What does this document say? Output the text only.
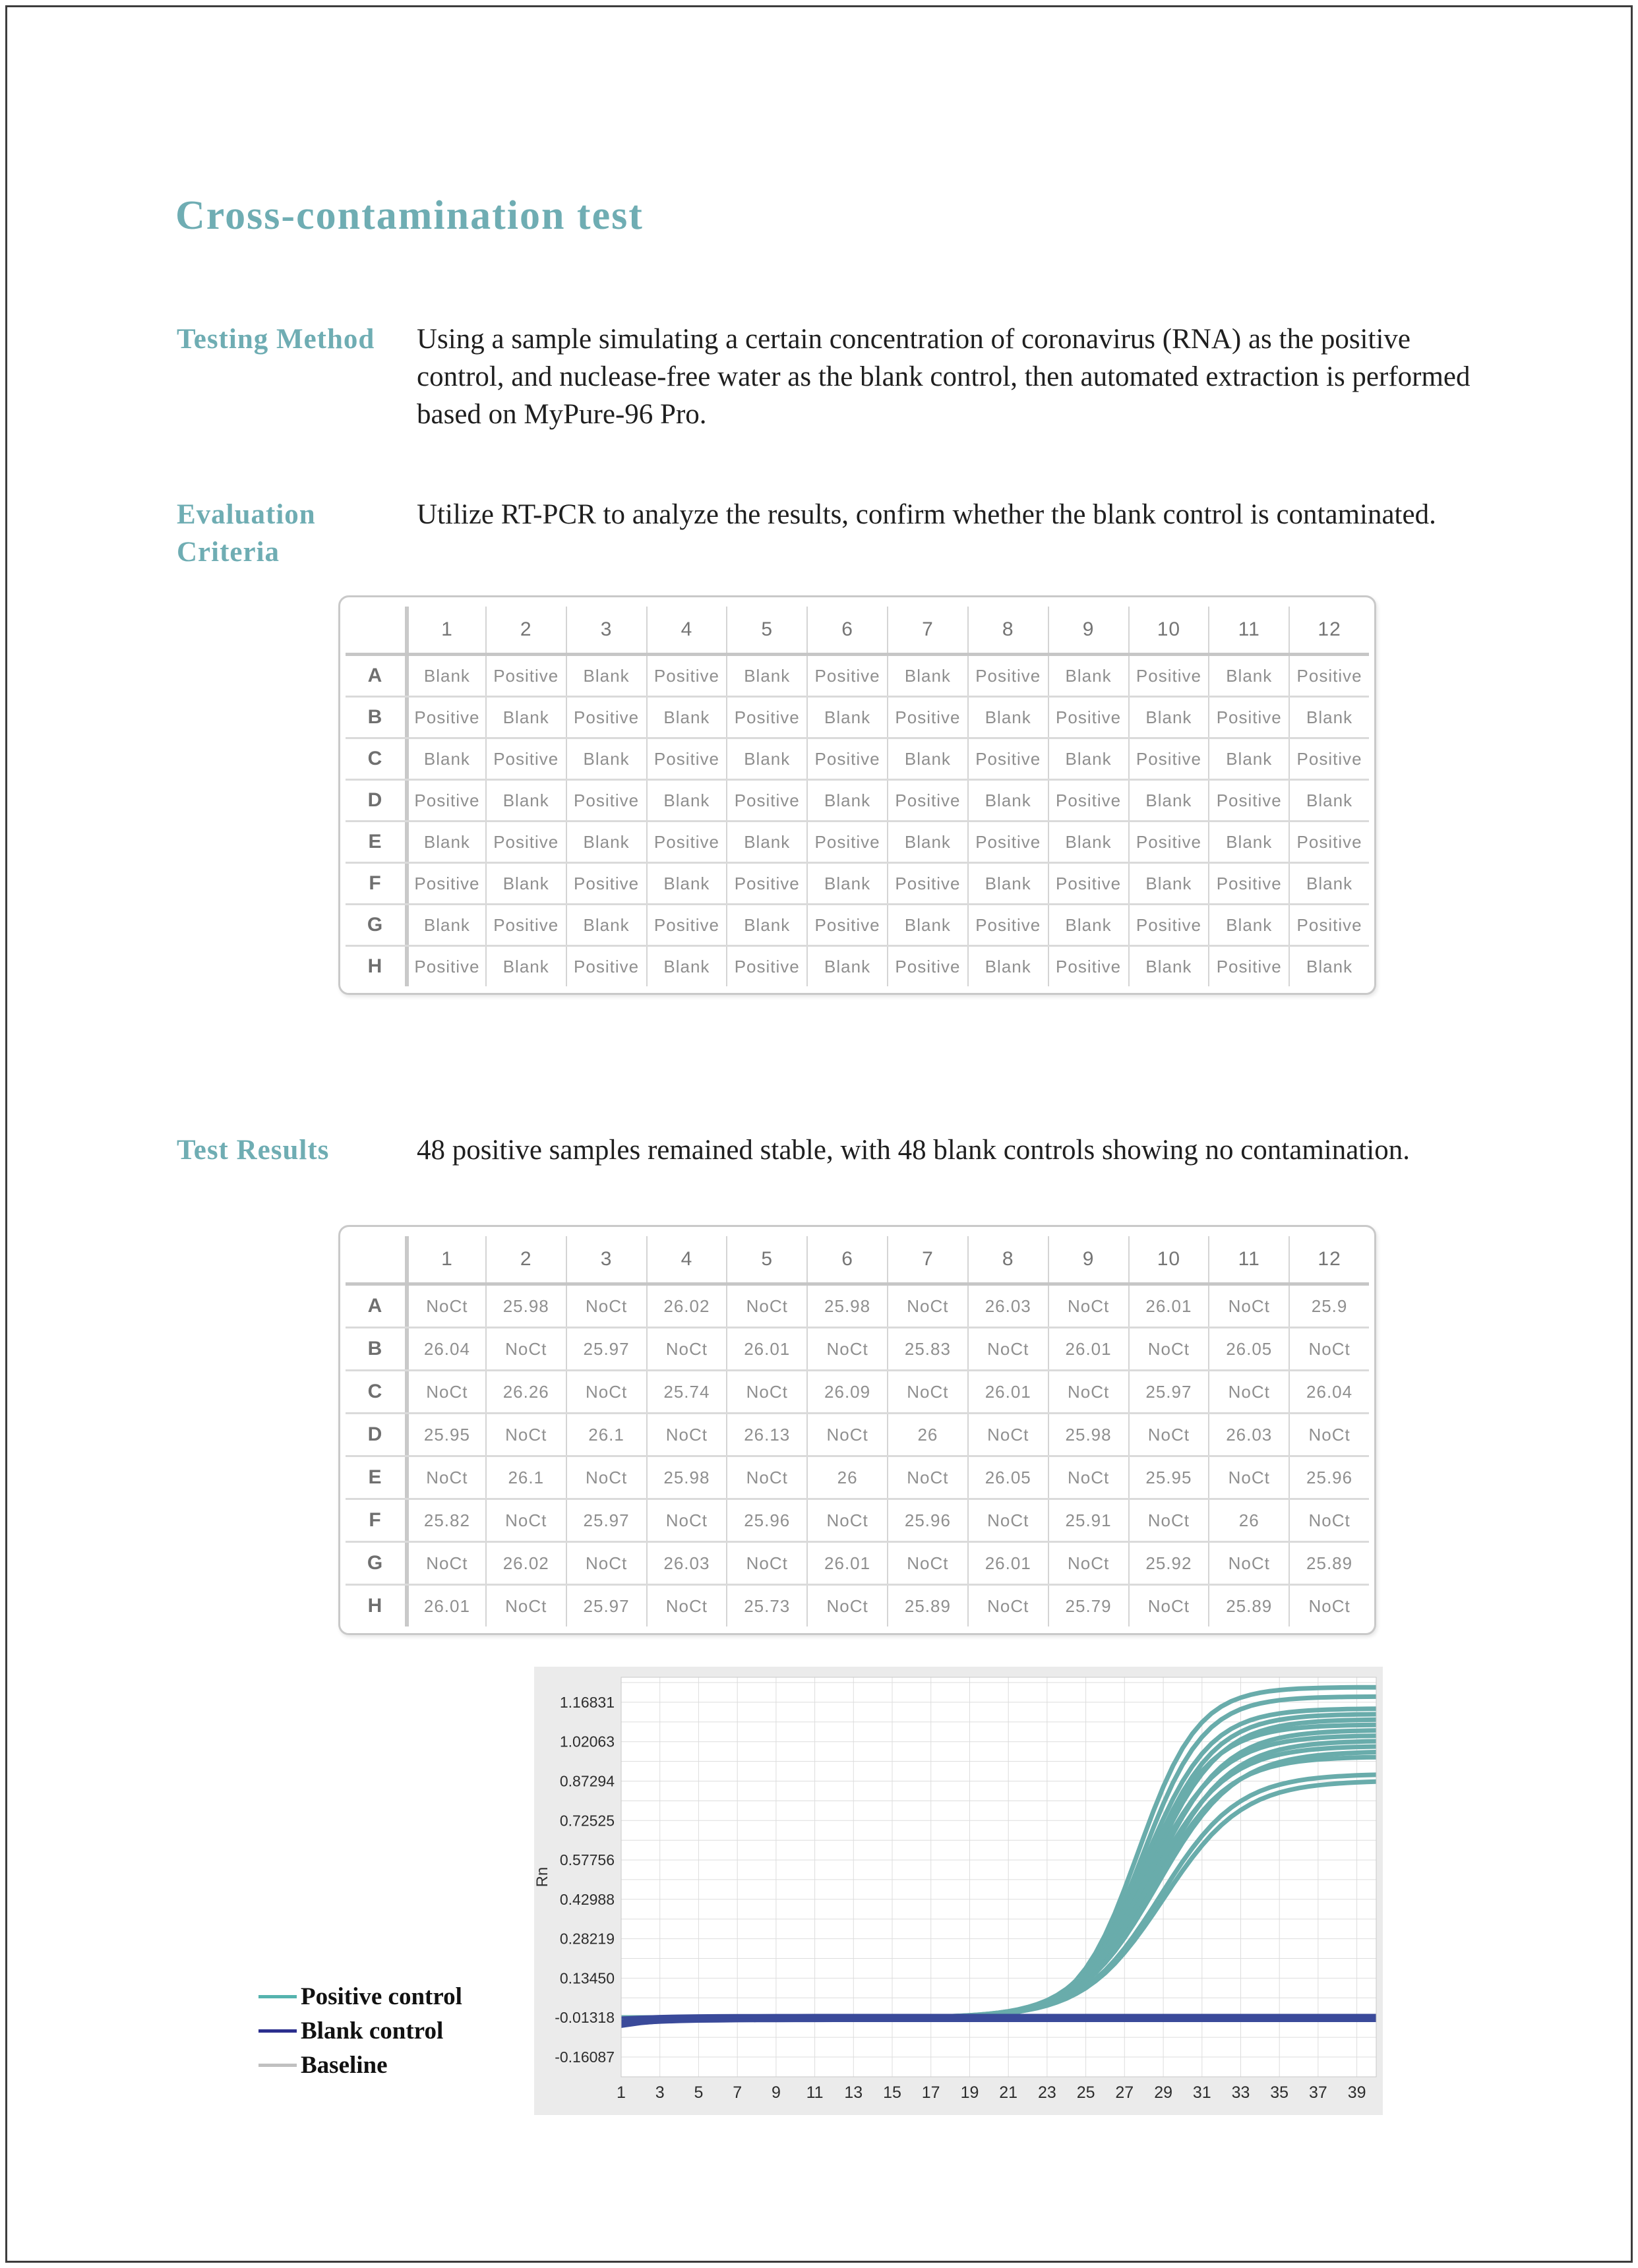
Cross-contamination test
Testing Method	Using a sample simulating a certain concentration of coronavirus (RNA) as the positive control, and nuclease-free water as the blank control, then automated extraction is performed based on MyPure-96 Pro.
Evaluation Criteria
Utilize RT-PCR to analyze the results, confirm whether the blank control is contaminated.
1	2	3	4	5	6	7	8	9	10	11	12
A	Blank	Positive	Blank	Positive	Blank	Positive	Blank	Positive	Blank	Positive	Blank	Positive
B	Positive	Blank	Positive	Blank	Positive	Blank	Positive	Blank	Positive	Blank	Positive	Blank
C	Blank	Positive	Blank	Positive	Blank	Positive	Blank	Positive	Blank	Positive	Blank	Positive
D	Positive	Blank	Positive	Blank	Positive	Blank	Positive	Blank	Positive	Blank	Positive	Blank
E	Blank	Positive	Blank	Positive	Blank	Positive	Blank	Positive	Blank	Positive	Blank	Positive
F	Positive	Blank	Positive	Blank	Positive	Blank	Positive	Blank	Positive	Blank	Positive	Blank
G	Blank	Positive	Blank	Positive	Blank	Positive	Blank	Positive	Blank	Positive	Blank	Positive
H	Positive	Blank	Positive	Blank	Positive	Blank	Positive	Blank	Positive	Blank	Positive	Blank
Test Results	48 positive samples remained stable, with 48 blank controls showing no contamination.
1	2	3	4	5	6	7	8	9	10	11	12
A	NoCt	25.98	NoCt	26.02	NoCt	25.98	NoCt	26.03	NoCt	26.01	NoCt	25.9
B	26.04	NoCt	25.97	NoCt	26.01	NoCt	25.83	NoCt	26.01	NoCt	26.05	NoCt
C	NoCt	26.26	NoCt	25.74	NoCt	26.09	NoCt	26.01	NoCt	25.97	NoCt	26.04
D	25.95	NoCt	26.1	NoCt	26.13	NoCt	26	NoCt	25.98	NoCt	26.03	NoCt
E	NoCt	26.1	NoCt	25.98	NoCt	26	NoCt	26.05	NoCt	25.95	NoCt	25.96
F	25.82	NoCt	25.97	NoCt	25.96	NoCt	25.96	NoCt	25.91	NoCt	26	NoCt
G	NoCt	26.02	NoCt	26.03	NoCt	26.01	NoCt	26.01	NoCt	25.92	NoCt	25.89
H	26.01	NoCt	25.97	NoCt	25.73	NoCt	25.89	NoCt	25.79	NoCt	25.89	NoCt
1.16831
1.02063
0.87294
0.72525
0.57756
0.42988
0.28219
0.13450
-0.01318
-0.16087
1 3 5 7 9 11 13 15 17 19 21 23 25 27 29 31 33 35 37 39
Rn
Positive control
Blank control
Baseline
